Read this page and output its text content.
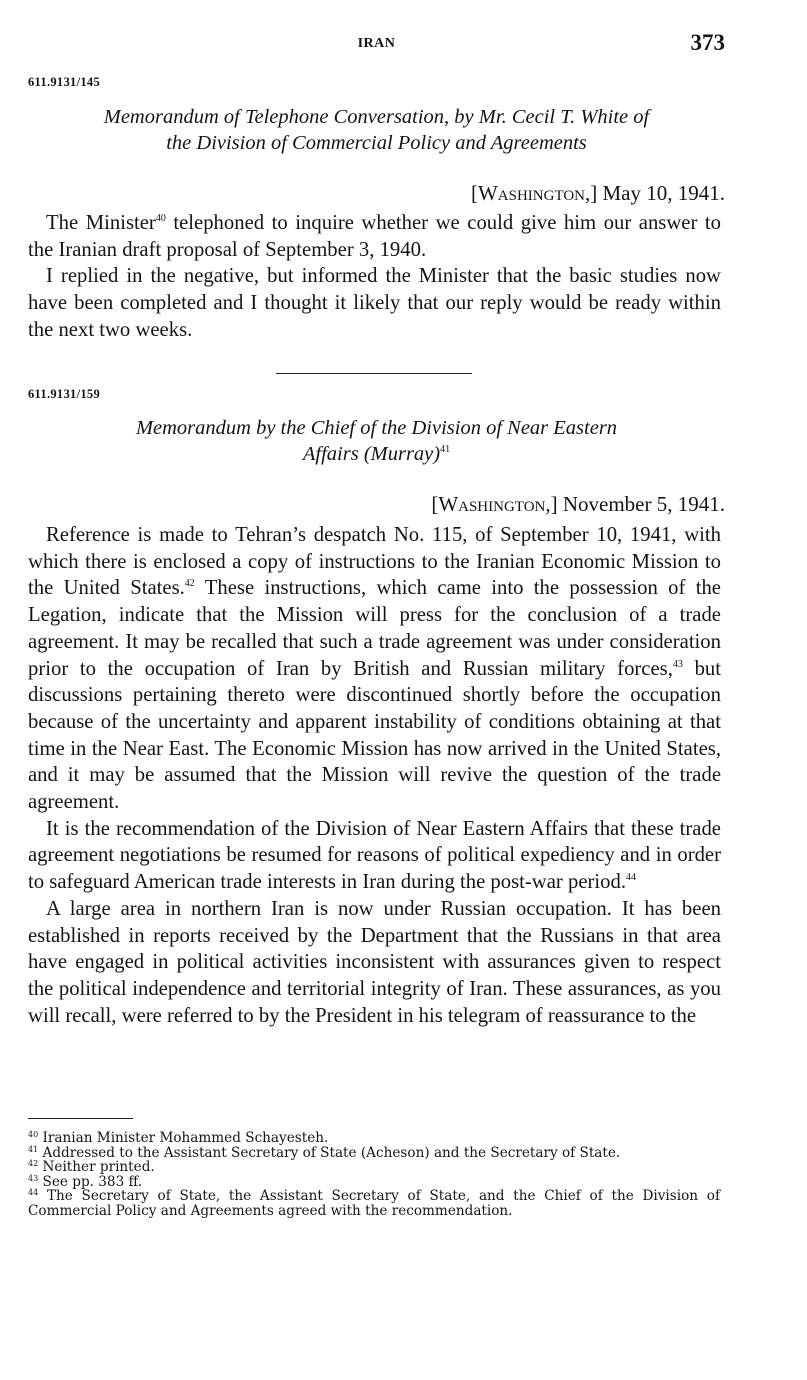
IRAN	373
611.9131/145
Memorandum of Telephone Conversation, by Mr. Cecil T. White of
the Division of Commercial Policy and Agreements
[Washington,] May 10, 1941.

The Minister$^{40}$ telephoned to inquire whether we could give him our answer to the Iranian draft proposal of September 3, 1940.

I replied in the negative, but informed the Minister that the basic studies now have been completed and I thought it likely that our reply would be ready within the next two weeks.

611.9131/159
Memorandum by the Chief of the Division of Near Eastern
Affairs (Murray)$^{41}$
[Washington,] November 5, 1941.

Reference is made to Tehran’s despatch No. 115, of September 10, 1941, with which there is enclosed a copy of instructions to the Iranian Economic Mission to the United States.$^{42}$ These instructions, which came into the possession of the Legation, indicate that the Mission will press for the conclusion of a trade agreement. It may be recalled that such a trade agreement was under consideration prior to the occupation of Iran by British and Russian military forces,$^{43}$ but discussions pertaining thereto were discontinued shortly before the occupation because of the uncertainty and apparent instability of conditions obtaining at that time in the Near East. The Economic Mission has now arrived in the United States, and it may be assumed that the Mission will revive the question of the trade agreement.

It is the recommendation of the Division of Near Eastern Affairs that these trade agreement negotiations be resumed for reasons of political expediency and in order to safeguard American trade interests in Iran during the post-war period.$^{44}$

A large area in northern Iran is now under Russian occupation. It has been established in reports received by the Department that the Russians in that area have engaged in political activities inconsistent with assurances given to respect the political independence and territorial integrity of Iran. These assurances, as you will recall, were referred to by the President in his telegram of reassurance to the

$^{40}$ Iranian Minister Mohammed Schayesteh.

$^{41}$ Addressed to the Assistant Secretary of State (Acheson) and the Secretary of State.

$^{42}$ Neither printed.

$^{43}$ See pp. 383 ff.

$^{44}$ The Secretary of State, the Assistant Secretary of State, and the Chief of the Division of Commercial Policy and Agreements agreed with the recommendation.
